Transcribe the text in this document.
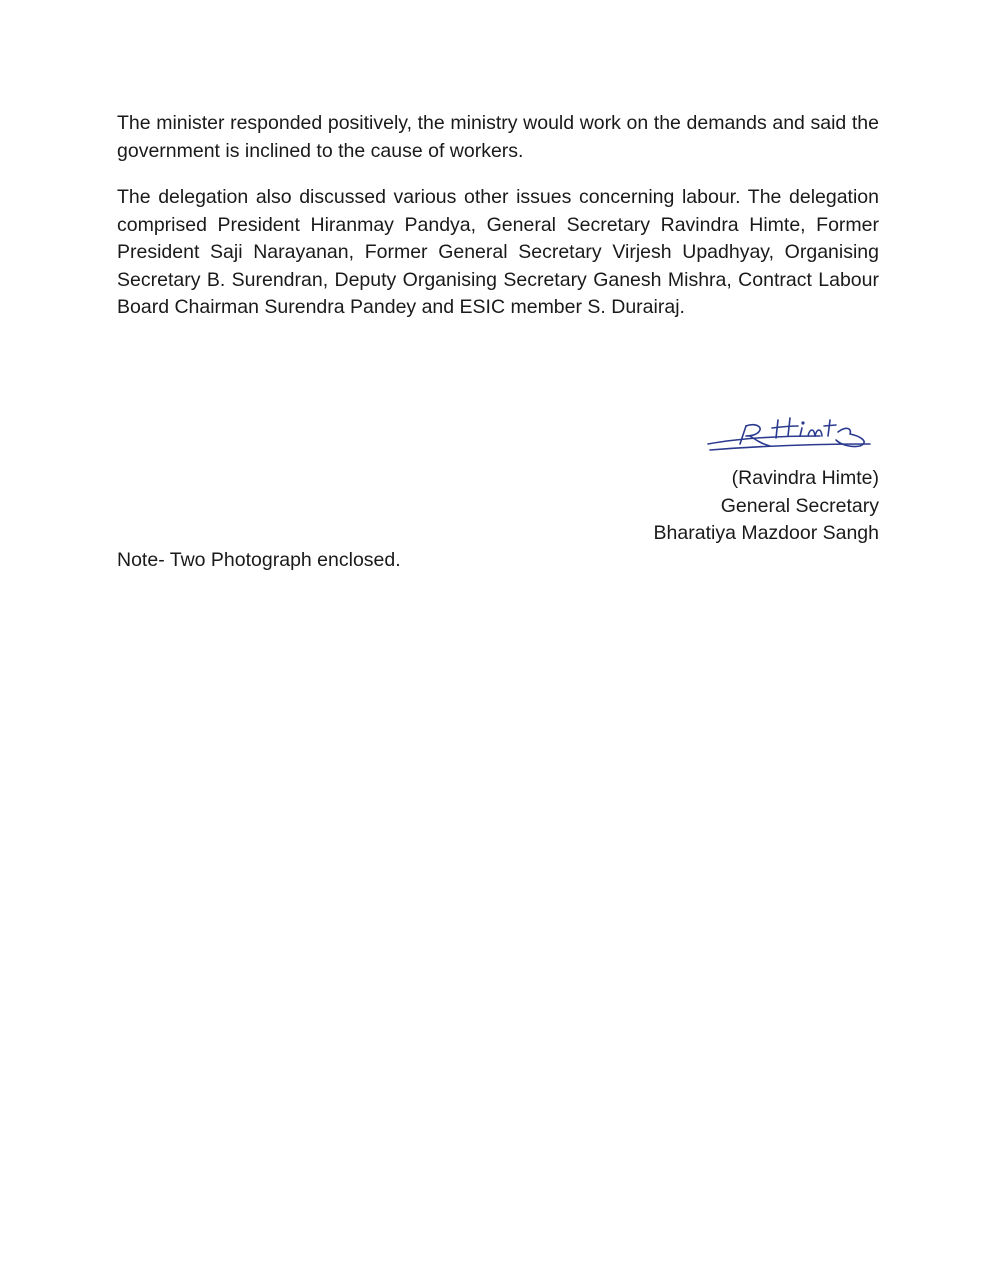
The minister responded positively, the ministry would work on the demands and said the government is inclined to the cause of workers.

The delegation also discussed various other issues concerning labour. The delegation comprised President Hiranmay Pandya, General Secretary Ravindra Himte, Former President Saji Narayanan, Former General Secretary Virjesh Upadhyay, Organising Secretary B. Surendran, Deputy Organising Secretary Ganesh Mishra, Contract Labour Board Chairman Surendra Pandey and ESIC member S. Durairaj.

(Ravindra Himte)
General Secretary
Bharatiya Mazdoor Sangh

Note- Two Photograph enclosed.
